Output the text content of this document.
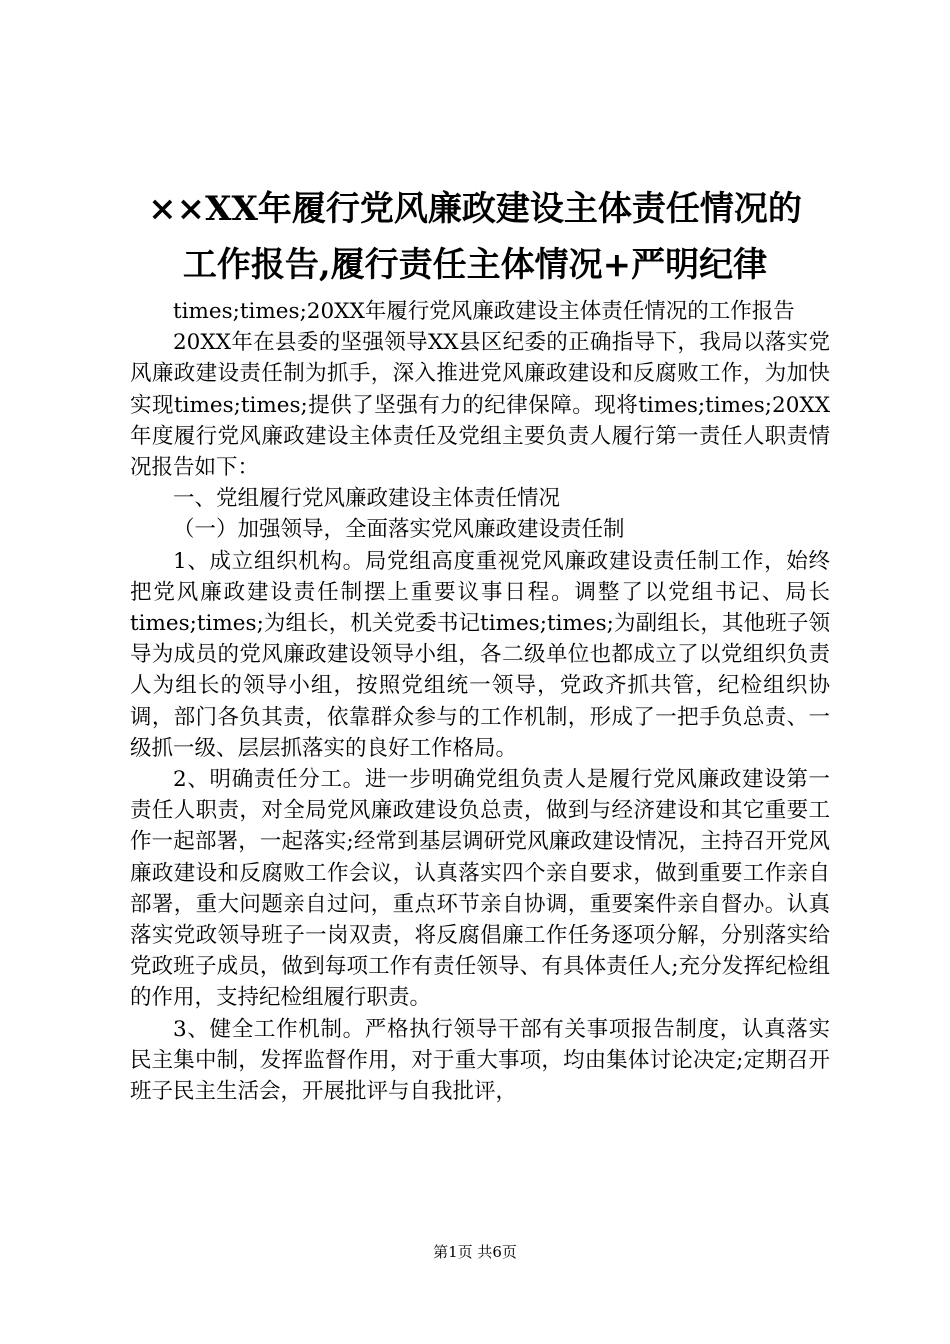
××XX年履行党风廉政建设主体责任情况的
工作报告,履行责任主体情况+严明纪律

times;times;20XX年履行党风廉政建设主体责任情况的工作报告

20XX年在县委的坚强领导XX县区纪委的正确指导下，我局以落实党风廉政建设责任制为抓手，深入推进党风廉政建设和反腐败工作，为加快实现times;times;提供了坚强有力的纪律保障。现将times;times;20XX年度履行党风廉政建设主体责任及党组主要负责人履行第一责任人职责情况报告如下：

一、党组履行党风廉政建设主体责任情况

（一）加强领导，全面落实党风廉政建设责任制

1、成立组织机构。局党组高度重视党风廉政建设责任制工作，始终把党风廉政建设责任制摆上重要议事日程。调整了以党组书记、局长times;times;为组长，机关党委书记times;times;为副组长，其他班子领导为成员的党风廉政建设领导小组，各二级单位也都成立了以党组织负责人为组长的领导小组，按照党组统一领导，党政齐抓共管，纪检组织协调，部门各负其责，依靠群众参与的工作机制，形成了一把手负总责、一级抓一级、层层抓落实的良好工作格局。

2、明确责任分工。进一步明确党组负责人是履行党风廉政建设第一责任人职责，对全局党风廉政建设负总责，做到与经济建设和其它重要工作一起部署，一起落实;经常到基层调研党风廉政建设情况，主持召开党风廉政建设和反腐败工作会议，认真落实四个亲自要求，做到重要工作亲自部署，重大问题亲自过问，重点环节亲自协调，重要案件亲自督办。认真落实党政领导班子一岗双责，将反腐倡廉工作任务逐项分解，分别落实给党政班子成员，做到每项工作有责任领导、有具体责任人;充分发挥纪检组的作用，支持纪检组履行职责。

3、健全工作机制。严格执行领导干部有关事项报告制度，认真落实民主集中制，发挥监督作用，对于重大事项，均由集体讨论决定;定期召开班子民主生活会，开展批评与自我批评，

第1页 共6页
